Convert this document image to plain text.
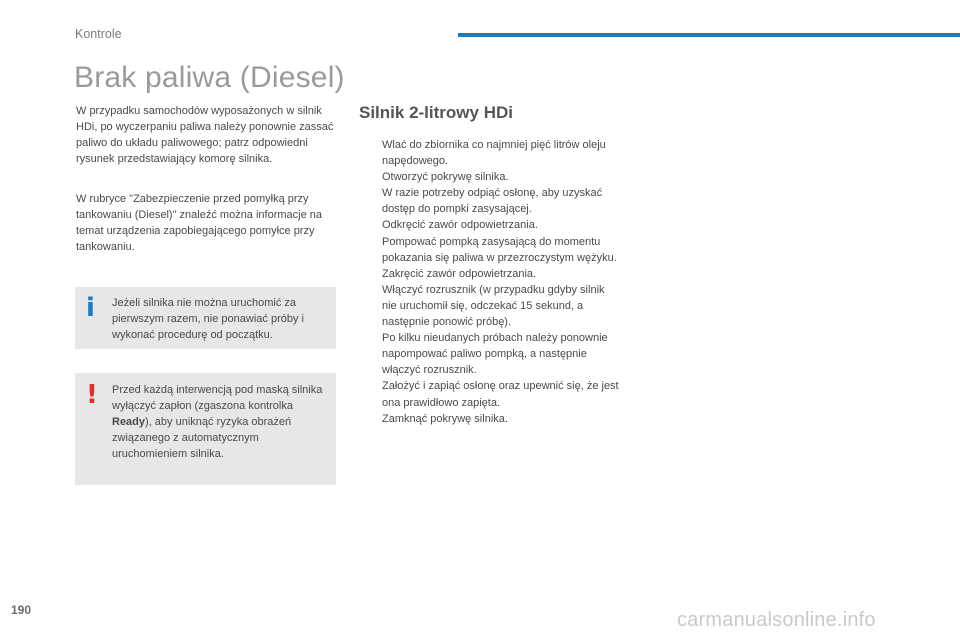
Kontrole

Brak paliwa (Diesel)

W przypadku samochodów wyposażonych w silnik HDi, po wyczerpaniu paliwa należy ponownie zassać paliwo do układu paliwowego; patrz odpowiedni rysunek przedstawiający komorę silnika.

W rubryce "Zabezpieczenie przed pomyłką przy tankowaniu (Diesel)" znaleźć można informacje na temat urządzenia zapobiegającego pomyłce przy tankowaniu.

i Jeżeli silnika nie można uruchomić za pierwszym razem, nie ponawiać próby i wykonać procedurę od początku.

! Przed każdą interwencją pod maską silnika wyłączyć zapłon (zgaszona kontrolka Ready), aby uniknąć ryzyka obrażeń związanego z automatycznym uruchomieniem silnika.

Silnik 2-litrowy HDi
Wlać do zbiornika co najmniej pięć litrów oleju napędowego.
Otworzyć pokrywę silnika.
W razie potrzeby odpiąć osłonę, aby uzyskać dostęp do pompki zasysającej.
Odkręcić zawór odpowietrzania.
Pompować pompką zasysającą do momentu pokazania się paliwa w przezroczystym wężyku.
Zakręcić zawór odpowietrzania.
Włączyć rozrusznik (w przypadku gdyby silnik nie uruchomił się, odczekać 15 sekund, a następnie ponowić próbę).
Po kilku nieudanych próbach należy ponownie napompować paliwo pompką, a następnie włączyć rozrusznik.
Założyć i zapiąć osłonę oraz upewnić się, że jest ona prawidłowo zapięta.
Zamknąć pokrywę silnika.

190	carmanualsonline.info
